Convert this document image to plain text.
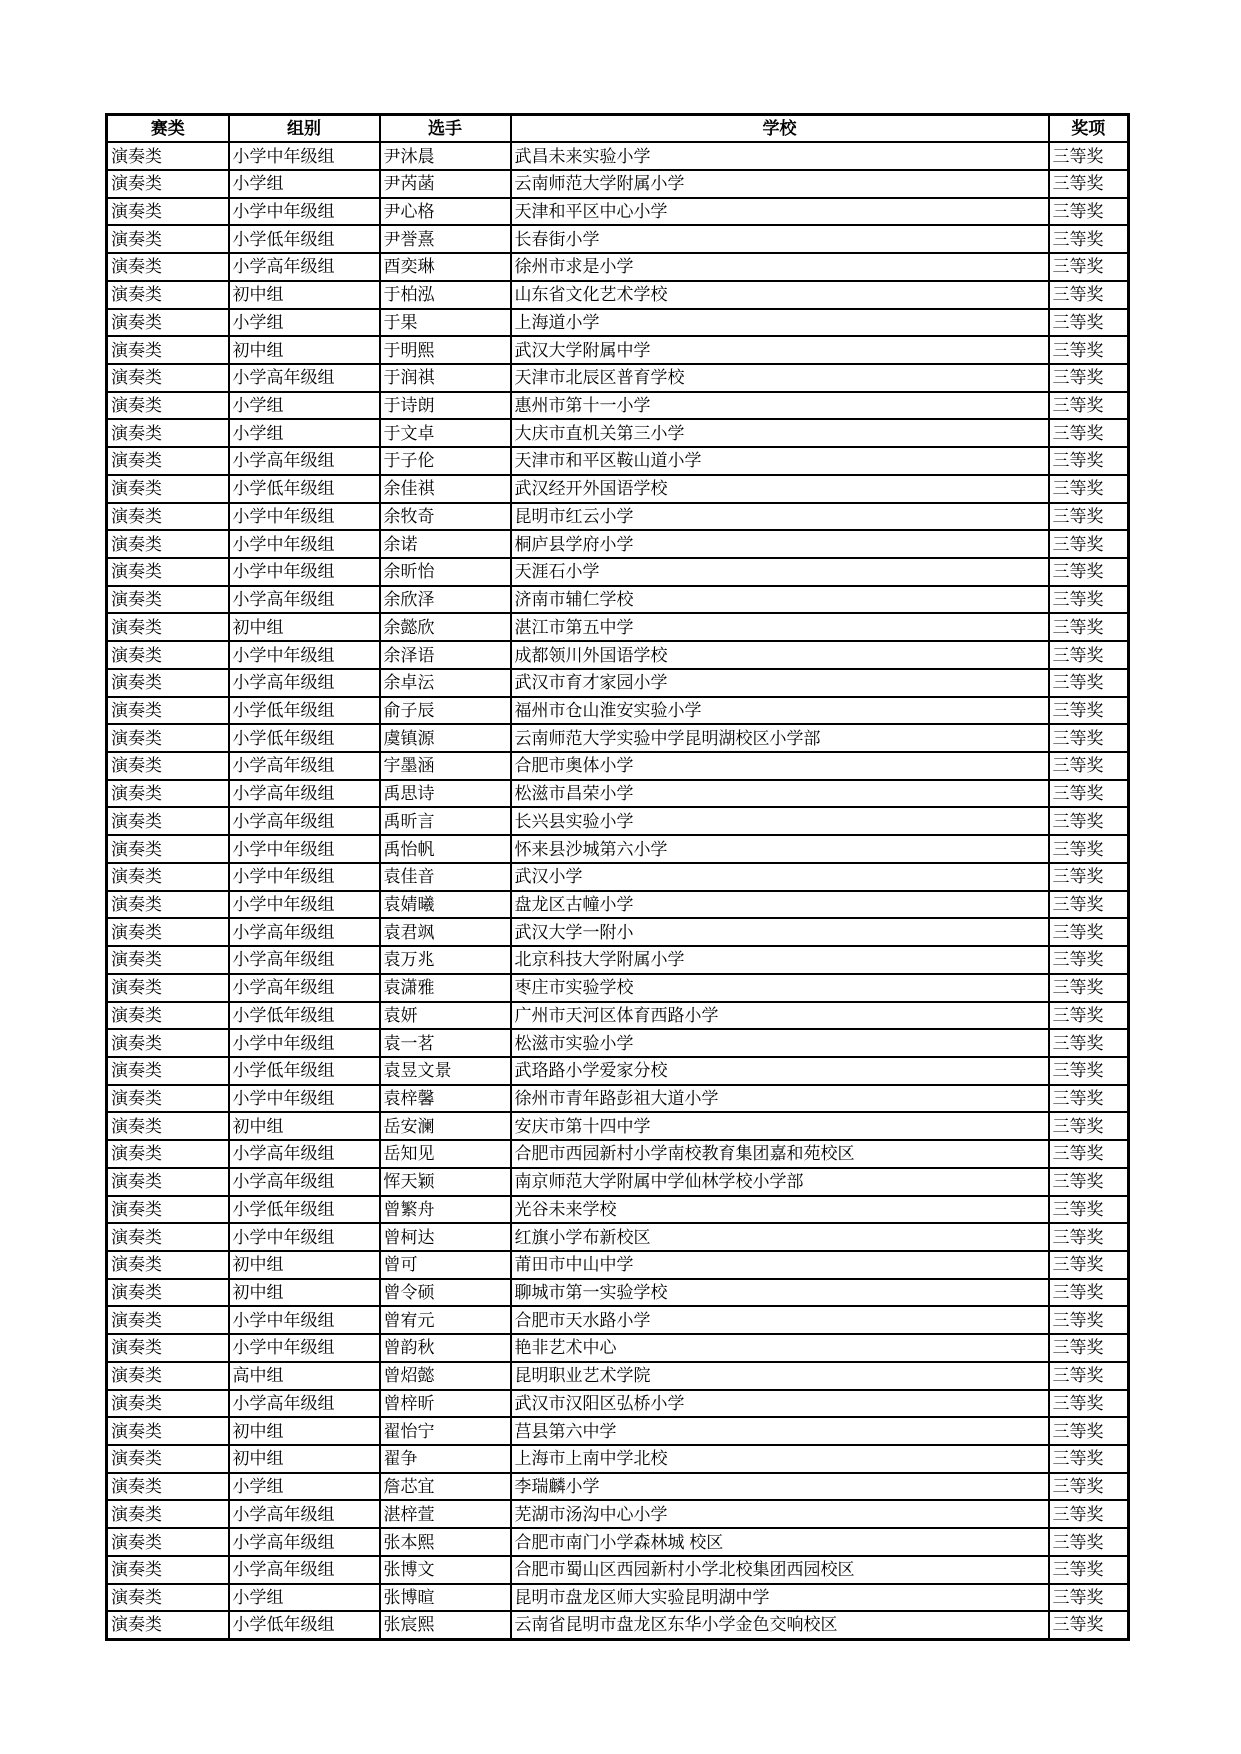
赛类	组别	选手	学校	奖项
演奏类	小学中年级组	尹沐晨	武昌未来实验小学	三等奖
演奏类	小学组	尹芮菡	云南师范大学附属小学	三等奖
演奏类	小学中年级组	尹心格	天津和平区中心小学	三等奖
演奏类	小学低年级组	尹誉熹	长春街小学	三等奖
演奏类	小学高年级组	酉奕琳	徐州市求是小学	三等奖
演奏类	初中组	于柏泓	山东省文化艺术学校	三等奖
演奏类	小学组	于果	上海道小学	三等奖
演奏类	初中组	于明熙	武汉大学附属中学	三等奖
演奏类	小学高年级组	于润祺	天津市北辰区普育学校	三等奖
演奏类	小学组	于诗朗	惠州市第十一小学	三等奖
演奏类	小学组	于文卓	大庆市直机关第三小学	三等奖
演奏类	小学高年级组	于子伦	天津市和平区鞍山道小学	三等奖
演奏类	小学低年级组	余佳祺	武汉经开外国语学校	三等奖
演奏类	小学中年级组	余牧奇	昆明市红云小学	三等奖
演奏类	小学中年级组	余诺	桐庐县学府小学	三等奖
演奏类	小学中年级组	余昕怡	天涯石小学	三等奖
演奏类	小学高年级组	余欣泽	济南市辅仁学校	三等奖
演奏类	初中组	余懿欣	湛江市第五中学	三等奖
演奏类	小学中年级组	余泽语	成都领川外国语学校	三等奖
演奏类	小学高年级组	余卓沄	武汉市育才家园小学	三等奖
演奏类	小学低年级组	俞子辰	福州市仓山淮安实验小学	三等奖
演奏类	小学低年级组	虞镇源	云南师范大学实验中学昆明湖校区小学部	三等奖
演奏类	小学高年级组	宇墨涵	合肥市奥体小学	三等奖
演奏类	小学高年级组	禹思诗	松滋市昌荣小学	三等奖
演奏类	小学高年级组	禹昕言	长兴县实验小学	三等奖
演奏类	小学中年级组	禹怡帆	怀来县沙城第六小学	三等奖
演奏类	小学中年级组	袁佳音	武汉小学	三等奖
演奏类	小学中年级组	袁婧曦	盘龙区古幢小学	三等奖
演奏类	小学高年级组	袁君飒	武汉大学一附小	三等奖
演奏类	小学高年级组	袁万兆	北京科技大学附属小学	三等奖
演奏类	小学高年级组	袁潇雅	枣庄市实验学校	三等奖
演奏类	小学低年级组	袁妍	广州市天河区体育西路小学	三等奖
演奏类	小学中年级组	袁一茗	松滋市实验小学	三等奖
演奏类	小学低年级组	袁昱文景	武珞路小学爱家分校	三等奖
演奏类	小学中年级组	袁梓馨	徐州市青年路彭祖大道小学	三等奖
演奏类	初中组	岳安澜	安庆市第十四中学	三等奖
演奏类	小学高年级组	岳知见	合肥市西园新村小学南校教育集团嘉和苑校区	三等奖
演奏类	小学高年级组	恽天颖	南京师范大学附属中学仙林学校小学部	三等奖
演奏类	小学低年级组	曾繁舟	光谷未来学校	三等奖
演奏类	小学中年级组	曾柯达	红旗小学布新校区	三等奖
演奏类	初中组	曾可	莆田市中山中学	三等奖
演奏类	初中组	曾令硕	聊城市第一实验学校	三等奖
演奏类	小学中年级组	曾宥元	合肥市天水路小学	三等奖
演奏类	小学中年级组	曾韵秋	艳非艺术中心	三等奖
演奏类	高中组	曾炤懿	昆明职业艺术学院	三等奖
演奏类	小学高年级组	曾梓昕	武汉市汉阳区弘桥小学	三等奖
演奏类	初中组	翟怡宁	莒县第六中学	三等奖
演奏类	初中组	翟争	上海市上南中学北校	三等奖
演奏类	小学组	詹芯宜	李瑞麟小学	三等奖
演奏类	小学高年级组	湛梓萱	芜湖市汤沟中心小学	三等奖
演奏类	小学高年级组	张本熙	合肥市南门小学森林城 校区	三等奖
演奏类	小学高年级组	张博文	合肥市蜀山区西园新村小学北校集团西园校区	三等奖
演奏类	小学组	张博暄	昆明市盘龙区师大实验昆明湖中学	三等奖
演奏类	小学低年级组	张宸熙	云南省昆明市盘龙区东华小学金色交响校区	三等奖
